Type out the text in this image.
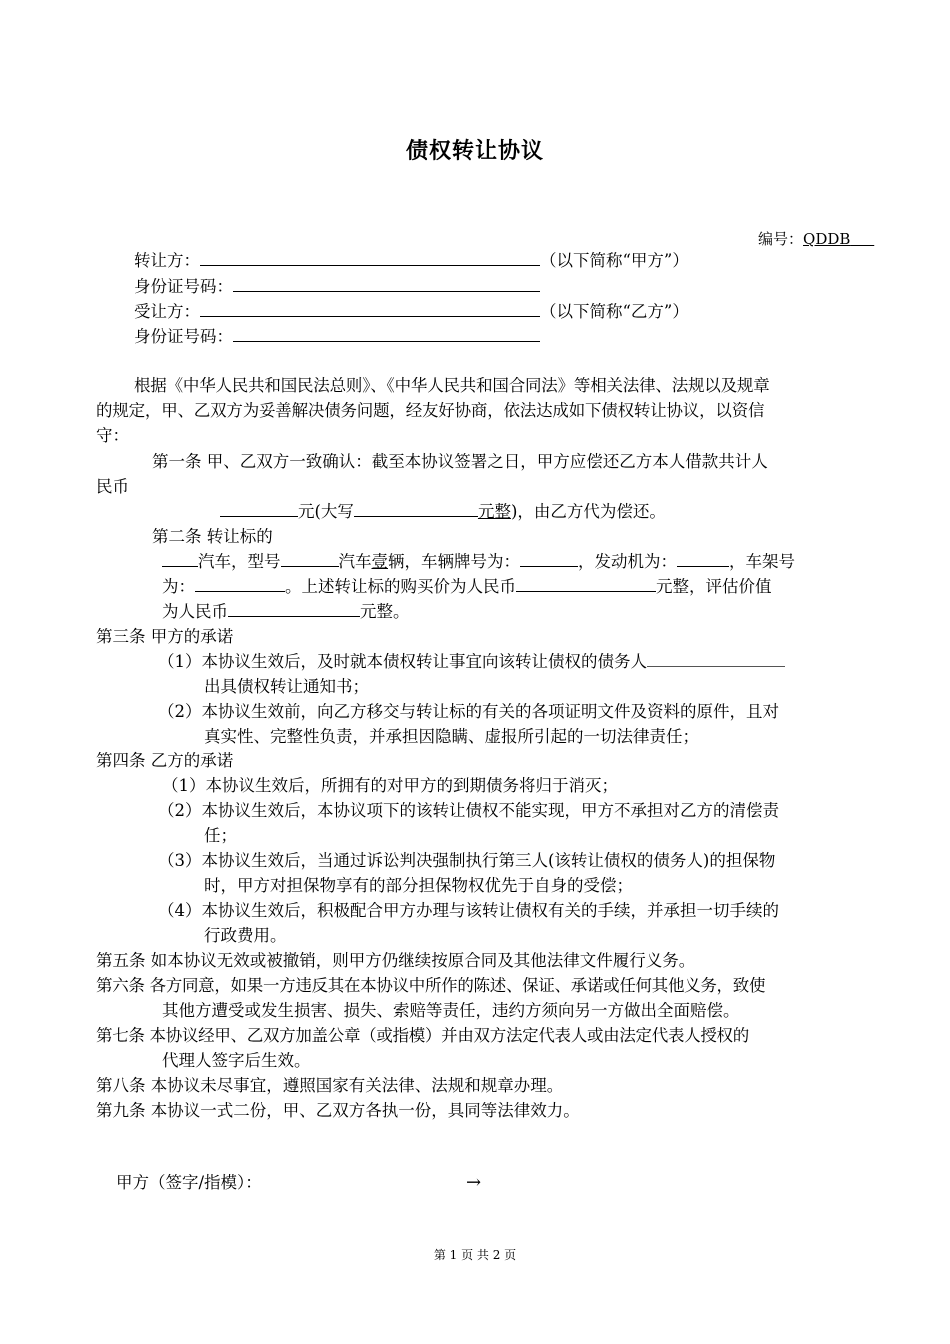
债权转让协议
编号：QDDB
转让方：	（以下简称“甲方”）
身份证号码：
受让方：	（以下简称“乙方”）
身份证号码：
根据《中华人民共和国民法总则》、《中华人民共和国合同法》等相关法律、法规以及规章
的规定，甲、乙双方为妥善解决债务问题，经友好协商，依法达成如下债权转让协议，以资信
守：
第一条 甲、乙双方一致确认：截至本协议签署之日，甲方应偿还乙方本人借款共计人
民币
元(大写	元整)，由乙方代为偿还。
第二条 转让标的
汽车，型号	汽车壹辆，车辆牌号为：	，发动机为：	，车架号
为：	。上述转让标的购买价为人民币	元整，评估价值
为人民币	元整。
第三条 甲方的承诺
（1）本协议生效后，及时就本债权转让事宜向该转让债权的债务人
出具债权转让通知书；
（2）本协议生效前，向乙方移交与转让标的有关的各项证明文件及资料的原件，且对
真实性、完整性负责，并承担因隐瞒、虚报所引起的一切法律责任；
第四条 乙方的承诺
（1）本协议生效后，所拥有的对甲方的到期债务将归于消灭；
（2）本协议生效后，本协议项下的该转让债权不能实现，甲方不承担对乙方的清偿责
任；
（3）本协议生效后，当通过诉讼判决强制执行第三人(该转让债权的债务人)的担保物
时，甲方对担保物享有的部分担保物权优先于自身的受偿；
（4）本协议生效后，积极配合甲方办理与该转让债权有关的手续，并承担一切手续的
行政费用。
第五条 如本协议无效或被撤销，则甲方仍继续按原合同及其他法律文件履行义务。
第六条 各方同意，如果一方违反其在本协议中所作的陈述、保证、承诺或任何其他义务，致使
其他方遭受或发生损害、损失、索赔等责任，违约方须向另一方做出全面赔偿。
第七条 本协议经甲、乙双方加盖公章（或指模）并由双方法定代表人或由法定代表人授权的
代理人签字后生效。
第八条 本协议未尽事宜，遵照国家有关法律、法规和规章办理。
第九条 本协议一式二份，甲、乙双方各执一份，具同等法律效力。
甲方（签字/指模）：	→
第 1 页 共 2 页
